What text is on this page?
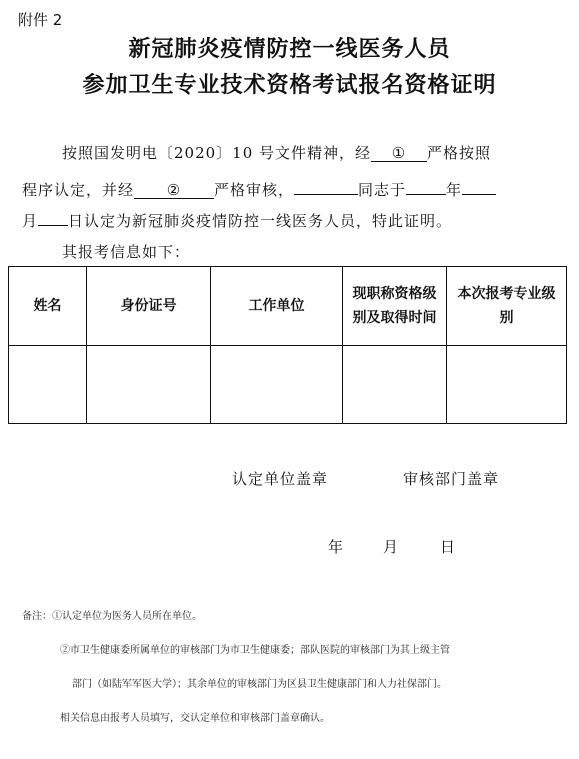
附件 2
新冠肺炎疫情防控一线医务人员
参加卫生专业技术资格考试报名资格证明
按照国发明电〔2020〕10 号文件精神，经 ① 严格按照
程序认定，并经 ② 严格审核，	同志于	年
月 日认定为新冠肺炎疫情防控一线医务人员，特此证明。
其报考信息如下：
姓名	身份证号	工作单位	现职称资格级别及取得时间	本次报考专业级别

认定单位盖章	审核部门盖章
年	月	日
备注：①认定单位为医务人员所在单位。
②市卫生健康委所属单位的审核部门为市卫生健康委；部队医院的审核部门为其上级主管
部门（如陆军军医大学）；其余单位的审核部门为区县卫生健康部门和人力社保部门。
相关信息由报考人员填写，交认定单位和审核部门盖章确认。
